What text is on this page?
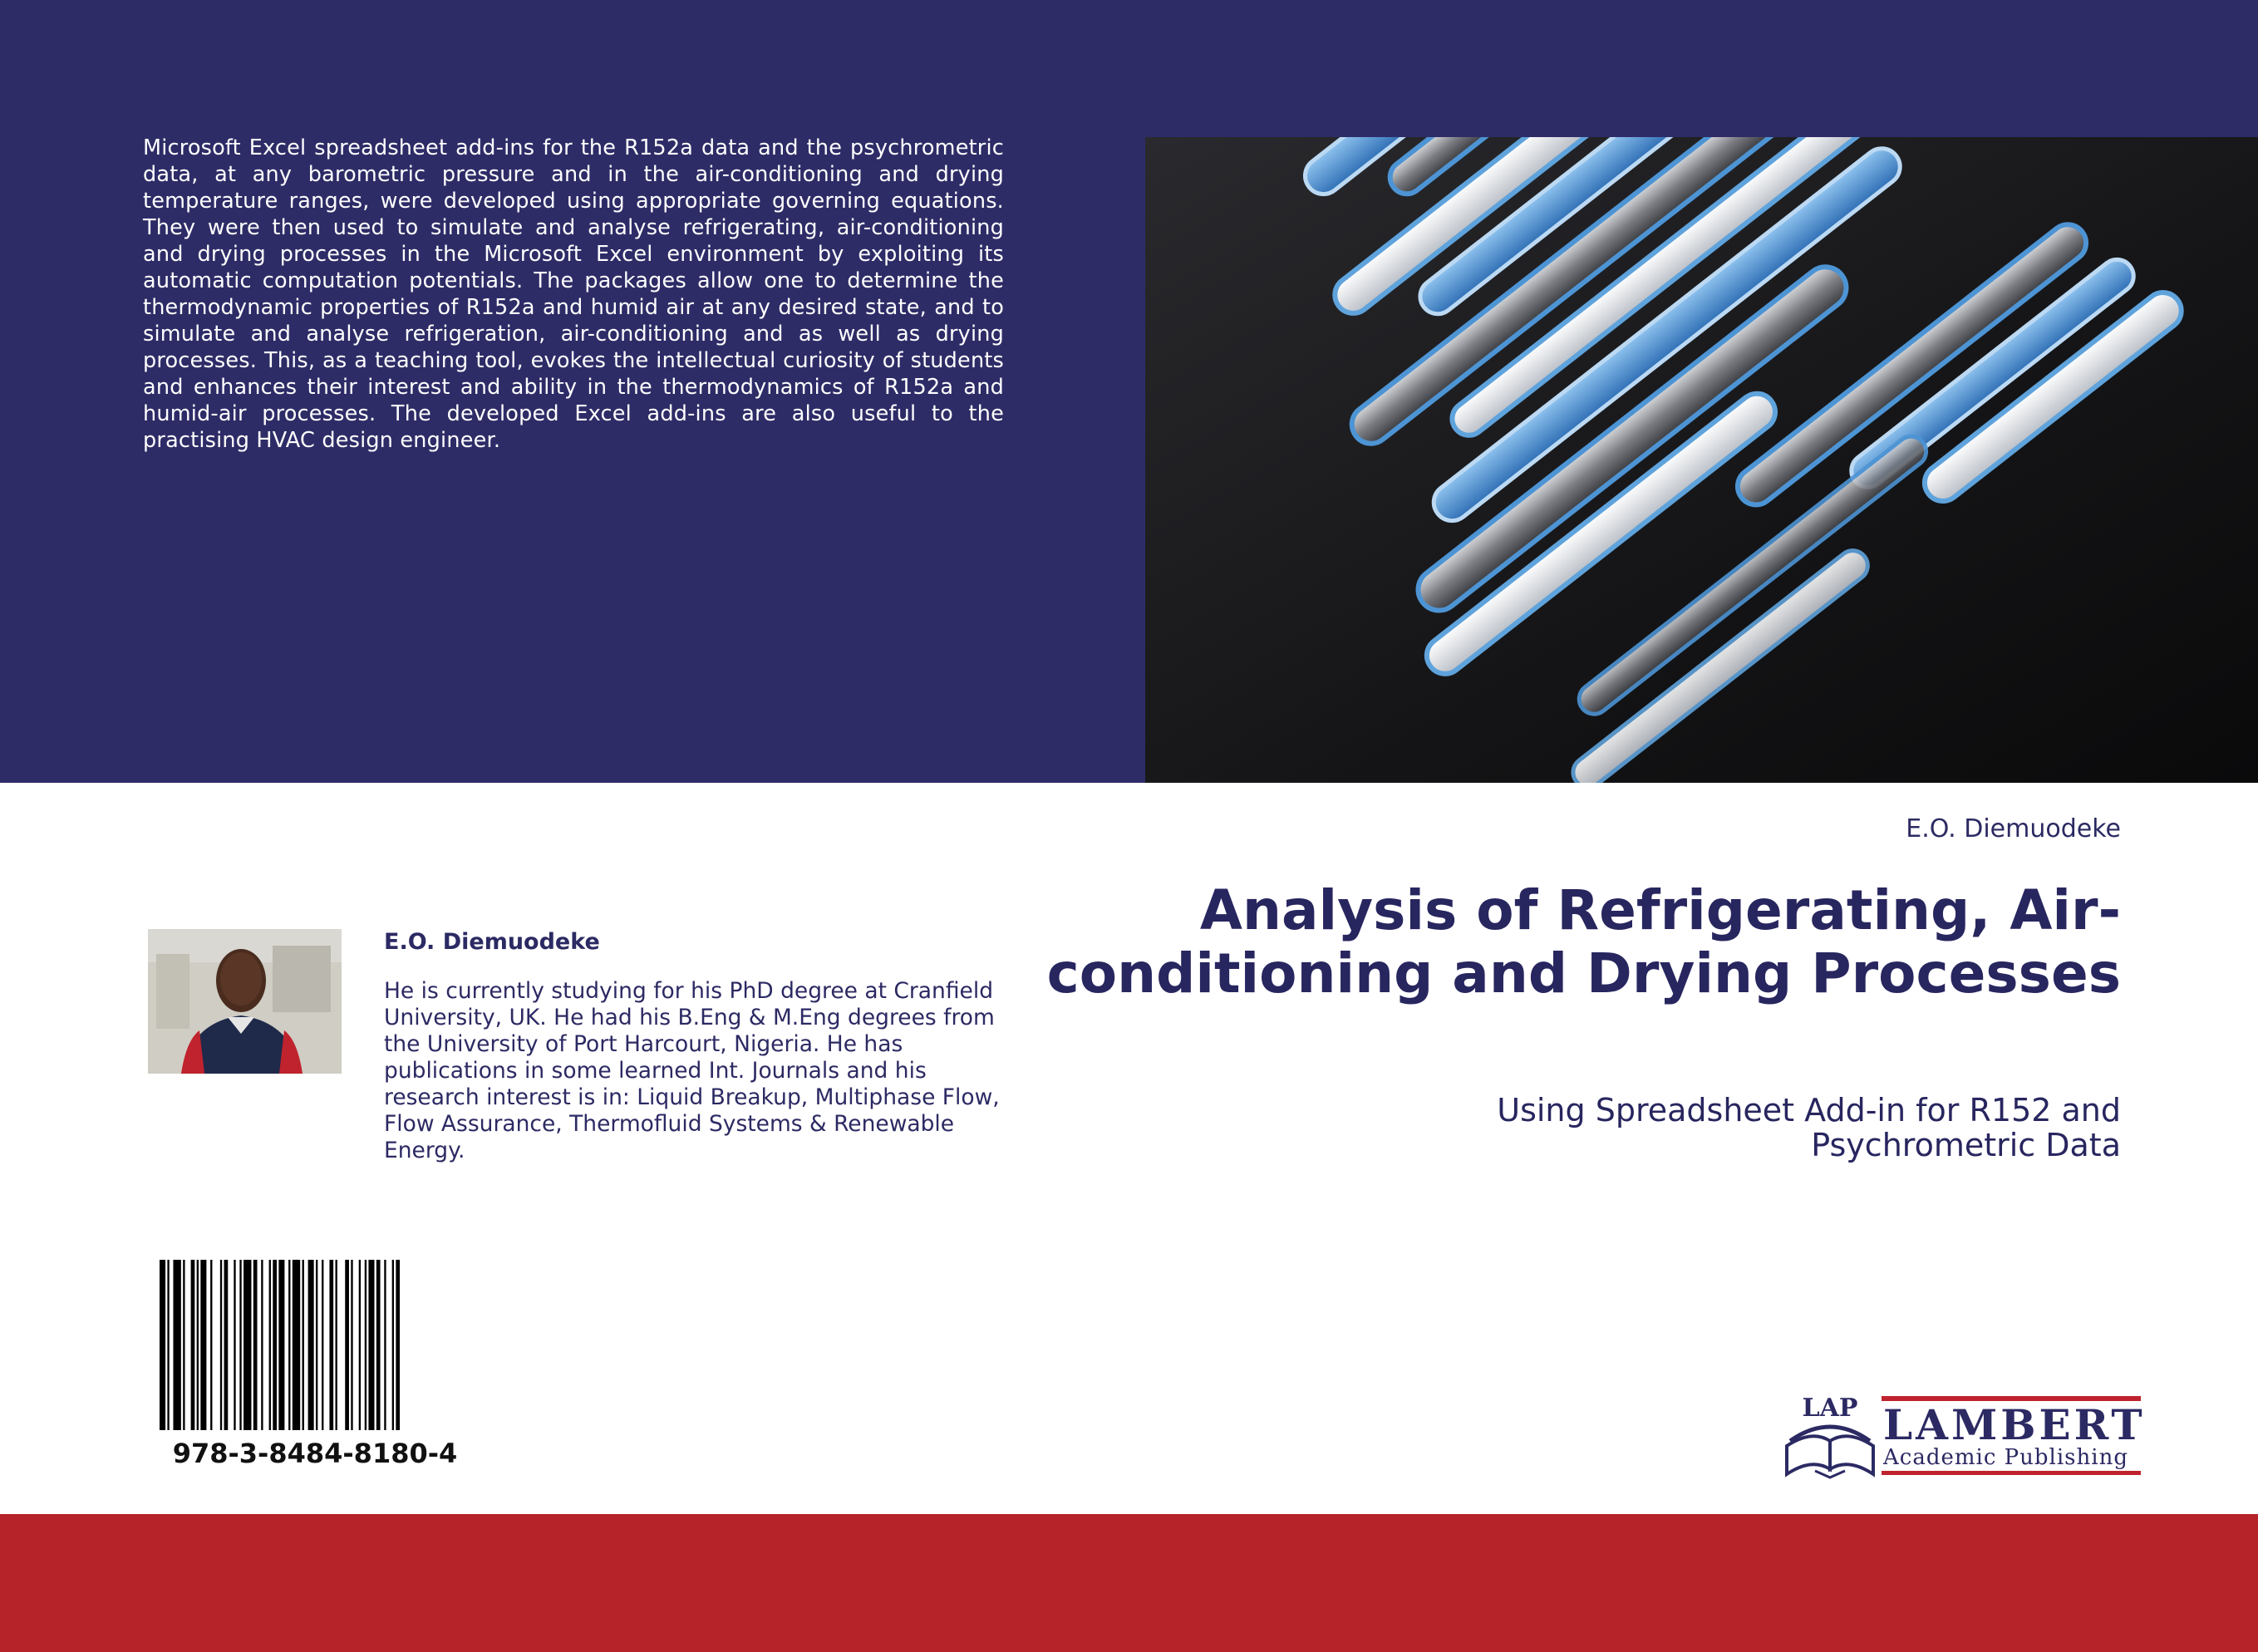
Microsoft Excel spreadsheet add-ins for the R152a data and the psychrometric data, at any barometric pressure and in the air-conditioning and drying temperature ranges, were developed using appropriate governing equations. They were then used to simulate and analyse refrigerating, air-conditioning and drying processes in the Microsoft Excel environment by exploiting its automatic computation potentials. The packages allow one to determine the thermodynamic properties of R152a and humid air at any desired state, and to simulate and analyse refrigeration, air-conditioning and as well as drying processes. This, as a teaching tool, evokes the intellectual curiosity of students and enhances their interest and ability in the thermodynamics of R152a and humid-air processes. The developed Excel add-ins are also useful to the practising HVAC design engineer.
E.O. Diemuodeke
Analysis of Refrigerating, Air-conditioning and Drying Processes
Using Spreadsheet Add-in for R152 and Psychrometric Data
E.O. Diemuodeke
He is currently studying for his PhD degree at Cranfield University, UK. He had his B.Eng & M.Eng degrees from the University of Port Harcourt, Nigeria. He has publications in some learned Int. Journals and his research interest is in: Liquid Breakup, Multiphase Flow, Flow Assurance, Thermofluid Systems & Renewable Energy.
978-3-8484-8180-4
LAP LAMBERT
Academic Publishing
